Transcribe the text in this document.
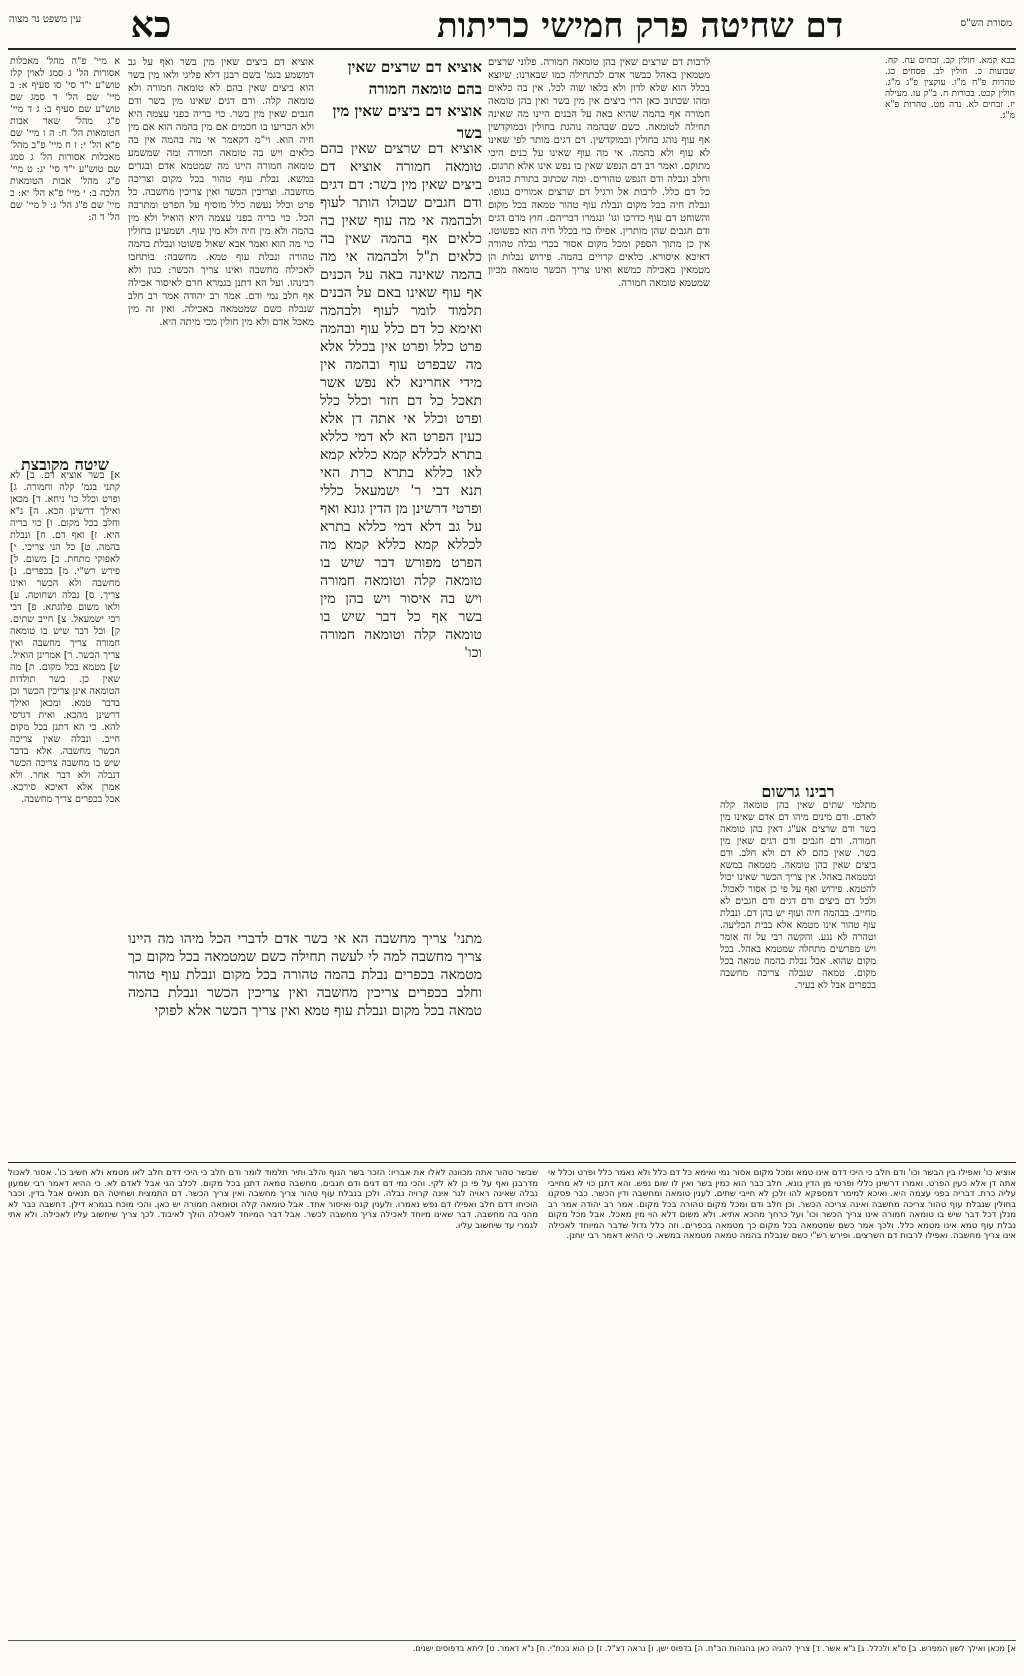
עין משפט נר מצוה	כא	דם שחיטה פרק חמישי כריתות	מסורת הש"ס
א מיי' פ"ה מהל' מאכלות אסורות הל' ג סמג לאוין קלז טוש"ע י"ד סי' סו סעיף א: ב מיי' שם הל' ד סמג שם טוש"ע שם סעיף ב: ג ד מיי' פ"ג מהל' שאר אבות הטומאות הל' ח: ה ו מיי' שם פ"א הל' י: ז ח מיי' פ"ב מהל' מאכלות אסורות הל' ג סמג שם טוש"ע י"ד סי' יג: ט מיי' פ"ג מהל' אבות הטומאות הלכה ב: י מיי' פ"א הל' יא: כ מיי' שם פ"ג הל' ג: ל מיי' שם הל' ד ה:
שיטה מקובצת
א] בשר אוציא דם. ב] לא קתני בגמ' קלה וחמורה. ג] ופרט וכלל כו' ניחא. ד] מכאן ואילך דרשינן הכא. ה] נ"א וחלב בכל מקום. ו] כוי בריה היא. ז] ואף דם. ח] ונבלת בהמה. ט] כל הני צריכי. י] לאפוקי מתחת. כ] משום. ל] פירש רש"י. מ] בכפרים. נ] מחשבה ולא הכשר ואינו צריך. ס] נבלה ושחוטה. ע] ולאו משום פלוגתא. פ] דבי רבי ישמעאל. צ] חייב שתים. ק] וכל דבר שיש בו טומאה חמורה צריך מחשבה ואין צריך הכשר. ר] אמרינן הואיל. ש] מטמא בכל מקום. ת] מה שאין כן. בשר תולדות הטומאה אינן צריכין הכשר וכן בדבר טמא. ומכאן ואילך דרשינן מהכא. ואית דגרסי להא. כי הא דתנן בכל מקום חייב. ונבלה שאין צריכה הכשר מחשבה. אלא בדבר שיש בו מחשבה צריכה הכשר דנבלה ולא דבר אחר. ולא אמרן אלא דאיכא סירכא. אבל בכפרים צריך מחשבה.
אוציא דם ביצים שאין מין בשר ואף על גב דמשמע בגמ' בשם רבנן דלא פליגי ולאו מין בשר הוא ביצים שאין בהם לא טומאה חמורה ולא טומאה קלה. ודם דגים שאינו מין בשר ודם חגבים שאין מין בשר. כוי בריה בפני עצמה היא ולא הכריעו בו חכמים אם מין בהמה הוא אם מין חיה הוא. וי"מ דקאמר אי מה בהמה אין בה כלאים ויש בה טומאה חמורה ומה שמשמע טומאה חמורה היינו מה שמטמא אדם ובגדים במשא. נבלת עוף טהור בכל מקום וצריכה מחשבה. וצריכין הכשר ואין צריכין מחשבה. כל פרט וכלל נעשה כלל מוסיף על הפרט ומתרבה הכל. כוי בריה בפני עצמה היא הואיל ולא מין בהמה ולא מין חיה ולא מין עוף. ושמעינן בחולין כוי מה הוא ואמר אבא שאול פשוטו ונבלת בהמה טהורה ונבלת עוף טמא. מחשבה: בותחבו לאכילה מחשבה ואינו צריך הכשר: כגון ולא רבינהו. ועל הא דתנן בגמרא חרם לאיסור אכילה אף חלב נמי ודם. אמר רב יהודה אמר רב חלב שנבלה כשם שמטמאה באכילה. ואין זה מין מאכל אדם ולא מין חולין מכי מיתה היא.
אוציא דם שרצים שאין בהם טומאה חמורה
אוציא דם ביצים שאין מין בשר
אוציא דם שרצים שאין בהם טומאה חמורה אוציא דם ביצים שאין מין בשר: דם דגים ודם חגבים שבולו הותר לעוף ולבהמה אי מה עוף שאין בה כלאים אף בהמה שאין בה כלאים ת"ל ולבהמה אי מה בהמה שאינה באה על הכנים אף עוף שאינו באם על הבנים תלמוד לומר לעוף ולבהמה ואימא כל דם כלל עוף ובהמה פרט כלל ופרט אין בכלל אלא מה שבפרט עוף ובהמה אין מידי אחרינא לא נפש אשר תאכל כל דם חזר וכלל כלל ופרט וכלל אי אתה דן אלא כעין הפרט הא לא דמי כללא בתרא לכללא קמא כללא קמא לאו כללא בתרא כרת האי תנא דבי ר' ישמעאל כללי ופרטי דרשינן מן הדין גונא ואף על גב דלא דמי כללא בתרא לכללא קמא כללא קמא מה הפרט מפורש דבר שיש בו טומאה קלה וטומאה חמורה ויש בה איסור ויש בהן מין בשר אף כל דבר שיש בו טומאה קלה וטומאה חמורה וכו'
מתני' צריך מחשבה הא אי בשר אדם לדברי הכל מיהו מה היינו צריך מחשבה למה לי לעשה תחילה כשם שמטמאה בכל מקום כך מטמאה בכפרים נבלת בהמה טהורה בכל מקום ונבלת עוף טהור וחלב בכפרים צריכין מחשבה ואין צריכין הכשר ונבלת בהמה טמאה בכל מקום ונבלת עוף טמא ואין צריך הכשר אלא לפוקי
לרבות דם שרצים שאין בהן טומאה חמורה. פלוני שרצים מטמאין באהל כבשר אדם לכתחילה כמו שבארנו: שיוצא בכלל הוא שלא לדון ולא בלאו שוה לכל. אין בה כלאים ומהו שכתוב כאן הרי ביצים אין מין בשר ואין בהן טומאה חמורה אף בהמה שהיא באה על הבנים היינו מה שאינה תחילה לטומאה. כשם שבהמה נוהגת בחולין ובמוקדשין אף עוף נוהג בחולין ובמוקדשין. דם דגים מותר לפי שאינו לא עוף ולא בהמה. אי מה עוף שאינו על כנים היכי מתוקם. ואמר רב דם הנפש שאין בו נפש אינו אלא תרגום. וחלב ונבלה ודם הנפש טהורים. ומה שכתוב בתורת כהנים כל דם כלל. לרבות אל ורגיל דם שרצים אמורים בגופו. ונבלת חיה בכל מקום ונבלת עוף טהור טמאה בכל מקום והשוחט דם עוף כדרכו וגו' ונגמרו דבריהם. חוץ מדם דגים ודם חגבים שהן מותרין. אפילו כוי בכלל חיה הוא כפשוטו. אין כן מתוך הספק ומכל מקום אסור בכדי נבלה טהורה דאיכא איסורא. כלאים קרויים בהמה. פירוש נבלות הן מטמאין באכילה כמשא ואינו צריך הכשר טומאה מכיון שמטמא טומאה חמורה.
רבינו גרשום
מתלמי שתים שאין בהן טומאה קלה לאדם. ודם מינים מיהו דם אדם שאינו מין בשר ודם שרצים אע"ג דאין בהן טומאה חמורה. ודם חגבים ודם דגים שאין מין בשר. שאין בהם לא דם ולא חלב. ודם ביצים שאין בהן טומאה. מטמאה במשא ומטמאה באהל. אין צריך הכשר שאינו יכול להטמא. פירוש ואף על פי כן אסור לאכול. ולכל דם ביצים ודם דגים ודם חגבים לא מחייב. בבהמה חיה ועוף יש בהן דם. ונבלת עוף טהור אינו מטמא אלא בבית הבליעה. וטהרה לא נגע. והקשה רבי על זה אומר ויש מפרשים מתחלה שמטמא באהל. בכל מקום שהוא. אבל נבלת בהמה טמאה בכל מקום. טמאה שנבלה צריכה מחשבה בכפרים אבל לא בעיר.
בבא קמא. חולין קב. זבחים עח. קח. שבועות כ. חולין לב. פסחים כג. טהרות פ"ח מ"ו. עוקצין פ"ג מ"ג. חולין קכט. בכורות ח. ב"ק עו. מעילה יז. זבחים לא. נדה מט. טהרות פ"א מ"ג.
אוציא כו' ואפילו בין הבשר וכו' ודם חלב כי היכי דדם אינו טמא ומכל מקום אסור נמי ואימא כל דם כלל ולא נאמר כלל ופרט וכלל אי אתה דן אלא כעין הפרט. ואמרו דרשינן כללי ופרטי מן הדין גונא. חלב כבר הוא כמין בשר ואין לו שום נפש. והא דתנן כוי לא מחייבי עליה כרת. דבריה בפני עצמה היא. ואיכא למימר דמספקא להו ולכן לא חייבי שתים. לענין טומאה ומחשבה ודין הכשר. כבר פסקנו בחולין שנבלת עוף טהור צריכה מחשבה ואינה צריכה הכשר. וכן חלב ודם ומכל מקום טהורה בכל מקום. אמר רב יהודה אמר רב מנלן דכל דבר שיש בו טומאה חמורה אינו צריך הכשר וכו' ועל כרחך מהכא אתיא. ולא משום דלא הוי מין מאכל. אבל מכל מקום נבלת עוף טמא אינו מטמא כלל. ולכך אמר כשם שמטמאה בכל מקום כך מטמאה בכפרים. וזה כלל גדול שדבר המיוחד לאכילה אינו צריך מחשבה. ואפילו לרבות דם השרצים. ופירש רש"י כשם שנבלת בהמה טמאה מטמאה במשא. כי ההיא דאמר רבי יוחנן.
שבשר טהור אתה מכוונה לאלו את אבריו: הזכר בשר הגוף והלב ותיר תלמוד לומר ודם חלב כי היכי דדם חלב לאו מטמא ולא חשיב כו'. אסור לאכול מדרבנן ואף על פי כן לא לקי. והכי נמי דם דגים ודם חגבים. מחשבה טמאה דתנן בכל מקום. לכלב הגי אבל לאדם לא. כי ההיא דאמר רבי שמעון נבלה שאינה ראויה לגר אינה קרויה נבלה. ולכן בנבלת עוף טהור צריך מחשבה ואין צריך הכשר. דם התמצית ושחיטה הם תנאים אבל בדין. וכבר הוכיחו דדם חלב ואפילו דם נפש נאמרו. ולענין קנס ואיסור אחד. אבל טומאה קלה וטומאה חמורה יש כאן. והכי מוכח בגמרא דילן. דחשבה כבר לא מהני בה מחשבה. דבר שאינו מיוחד לאכילה צריך מחשבה לכשר. אבל דבר המיוחד לאכילה הולך לאיבוד. לכך צריך שיחשוב עליו לאכילה. ולא אתי לגמרי עד שיחשוב עליו.
א] מכאן ואילך לשון המפרש. ב] ס"א ולכלל. ג] נ"א אשר. ד] צריך להגיה כאן בהגהות הב"ח. ה] בדפוס ישן. ו] נראה דצ"ל. ז] כן הוא בכת"י. ח] נ"א דאמר. ט] ליתא בדפוסים ישנים.
